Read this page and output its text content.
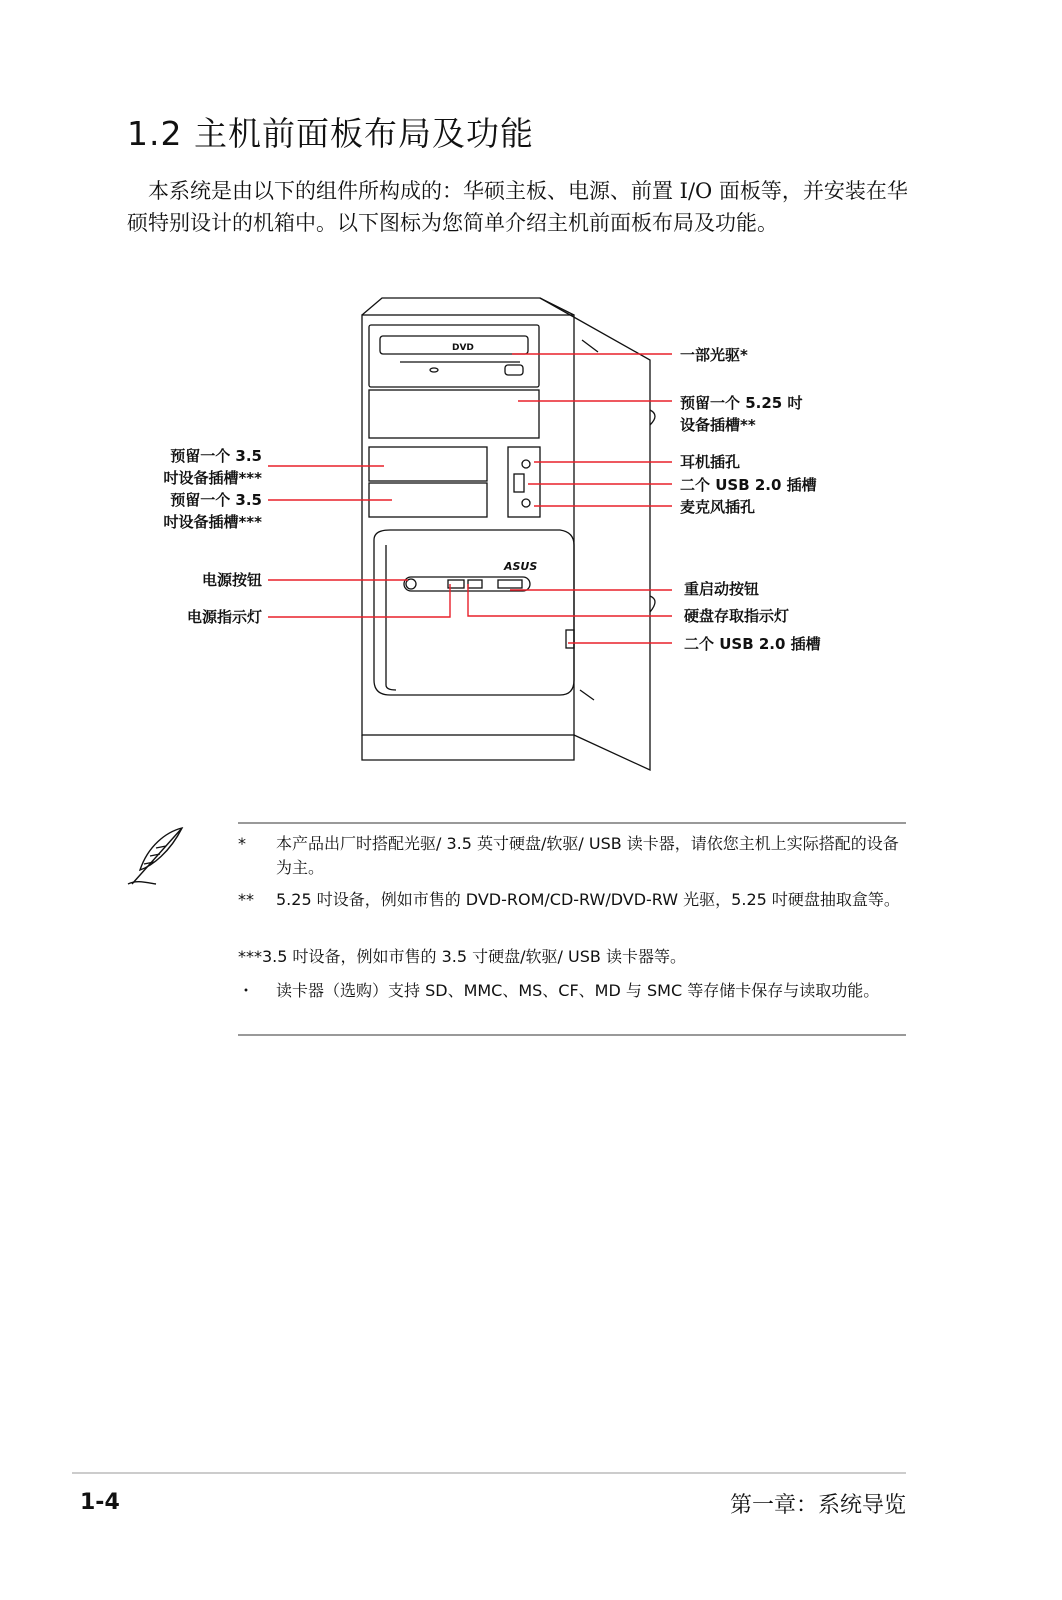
1.2 主机前面板布局及功能
本系统是由以下的组件所构成的：华硕主板、电源、前置 I/O 面板等，并安装在华硕特别设计的机箱中。以下图标为您简单介绍主机前面板布局及功能。
DVD
ASUS
一部光驱*
预留一个 5.25 吋
设备插槽**
耳机插孔
二个 USB 2.0 插槽
麦克风插孔
重启动按钮
硬盘存取指示灯
二个 USB 2.0 插槽
预留一个 3.5
吋设备插槽***
预留一个 3.5
吋设备插槽***
电源按钮
电源指示灯
* 本产品出厂时搭配光驱/ 3.5 英寸硬盘/软驱/ USB 读卡器，请依您主机上实际搭配的设备为主。
** 5.25 吋设备，例如市售的 DVD-ROM/CD-RW/DVD-RW 光驱，5.25 吋硬盘抽取盒等。
***3.5 吋设备，例如市售的 3.5 寸硬盘/软驱/ USB 读卡器等。
・ 读卡器（选购）支持 SD、MMC、MS、CF、MD 与 SMC 等存储卡保存与读取功能。
1-4	第一章：系统导览
